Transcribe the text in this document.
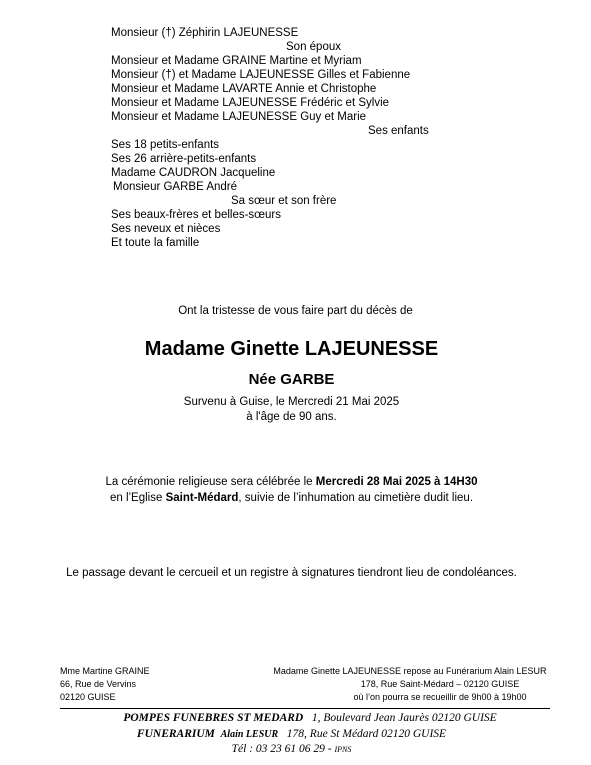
Monsieur (†) Zéphirin LAJEUNESSE
Son époux
Monsieur et Madame GRAINE Martine et Myriam
Monsieur (†) et Madame LAJEUNESSE Gilles et Fabienne
Monsieur et Madame LAVARTE Annie et Christophe
Monsieur et Madame LAJEUNESSE Frédéric et Sylvie
Monsieur et Madame LAJEUNESSE Guy et Marie
Ses enfants
Ses 18 petits-enfants
Ses 26 arrière-petits-enfants
Madame CAUDRON Jacqueline
Monsieur GARBE André
Sa sœur et son frère
Ses beaux-frères et belles-sœurs
Ses neveux et nièces
Et toute la famille
Ont la tristesse de vous faire part du décès de
Madame Ginette LAJEUNESSE
Née GARBE
Survenu à Guise, le Mercredi 21 Mai 2025
à l'âge de 90 ans.
La cérémonie religieuse sera célébrée le Mercredi 28 Mai 2025 à 14H30
en l’Eglise Saint-Médard, suivie de l’inhumation au cimetière dudit lieu.
Le passage devant le cercueil et un registre à signatures tiendront lieu de condoléances.
Mme Martine GRAINE
66, Rue de Vervins
02120 GUISE
Madame Ginette LAJEUNESSE repose au Funérarium Alain LESUR
178, Rue Saint-Médard – 02120 GUISE
où l’on pourra se recueillir de 9h00 à 19h00
POMPES FUNEBRES ST MEDARD 1, Boulevard Jean Jaurès 02120 GUISE
FUNERARIUM Alain LESUR 178, Rue St Médard 02120 GUISE
Tél : 03 23 61 06 29 - IPNS
